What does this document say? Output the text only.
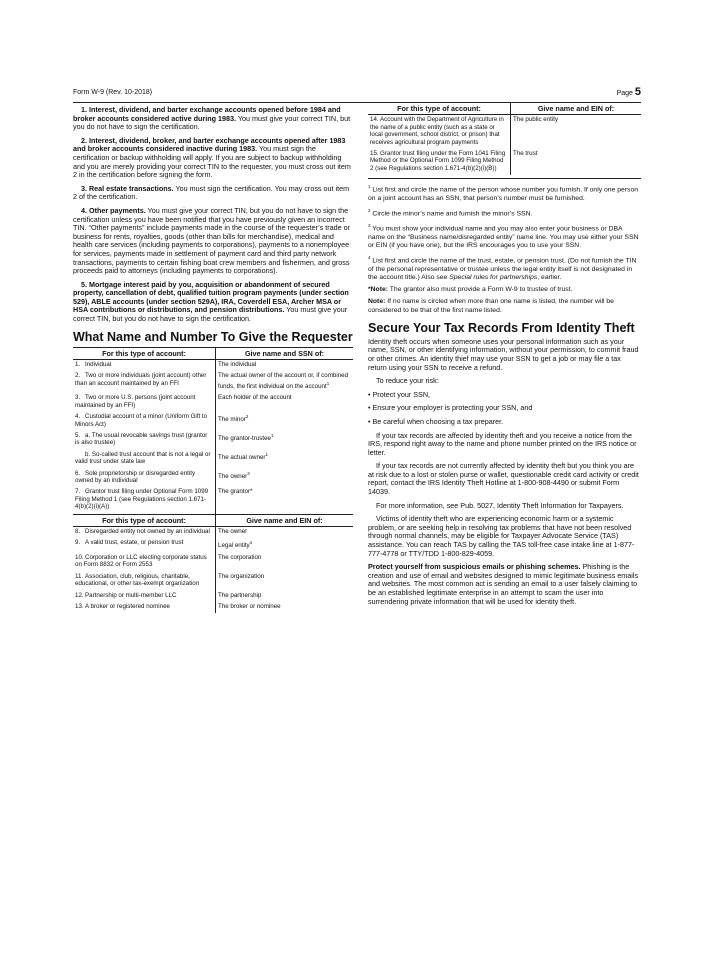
Form W-9 (Rev. 10-2018)	Page 5

1. Interest, dividend, and barter exchange accounts opened before 1984 and broker accounts considered active during 1983. You must give your correct TIN, but you do not have to sign the certification.

2. Interest, dividend, broker, and barter exchange accounts opened after 1983 and broker accounts considered inactive during 1983. You must sign the certification or backup withholding will apply. If you are subject to backup withholding and you are merely providing your correct TIN to the requester, you must cross out item 2 in the certification before signing the form.

3. Real estate transactions. You must sign the certification. You may cross out item 2 of the certification.

4. Other payments. You must give your correct TIN, but you do not have to sign the certification unless you have been notified that you have previously given an incorrect TIN. “Other payments” include payments made in the course of the requester’s trade or business for rents, royalties, goods (other than bills for merchandise), medical and health care services (including payments to corporations), payments to a nonemployee for services, payments made in settlement of payment card and third party network transactions, payments to certain fishing boat crew members and fishermen, and gross proceeds paid to attorneys (including payments to corporations).

5. Mortgage interest paid by you, acquisition or abandonment of secured property, cancellation of debt, qualified tuition program payments (under section 529), ABLE accounts (under section 529A), IRA, Coverdell ESA, Archer MSA or HSA contributions or distributions, and pension distributions. You must give your correct TIN, but you do not have to sign the certification.

What Name and Number To Give the Requester
For this type of account:	Give name and SSN of:
1. Individual	The individual
2. Two or more individuals (joint account) other than an account maintained by an FFI	The actual owner of the account or, if combined funds, the first individual on the account$^1$
3. Two or more U.S. persons (joint account maintained by an FFI)	Each holder of the account
4. Custodial account of a minor (Uniform Gift to Minors Act)	The minor$^2$
5. a. The usual revocable savings trust (grantor is also trustee)	The grantor-trustee$^1$
b. So-called trust account that is not a legal or valid trust under state law	The actual owner$^1$
6. Sole proprietorship or disregarded entity owned by an individual	The owner$^3$
7. Grantor trust filing under Optional Form 1099 Filing Method 1 (see Regulations section 1.671-4(b)(2)(i)(A))	The grantor*
For this type of account:	Give name and EIN of:
8. Disregarded entity not owned by an individual	The owner
9. A valid trust, estate, or pension trust	Legal entity$^4$
10.Corporation or LLC electing corporate status on Form 8832 or Form 2553	The corporation
11. Association, club, religious, charitable, educational, or other tax-exempt organization	The organization
12.Partnership or multi-member LLC	The partnership
13.A broker or registered nominee	The broker or nominee
For this type of account:	Give name and EIN of:
14.Account with the Department of Agriculture in the name of a public entity (such as a state or local government, school district, or prison) that receives agricultural program payments	The public entity
15.Grantor trust filing under the Form 1041 Filing Method or the Optional Form 1099 Filing Method 2 (see Regulations section 1.671-4(b)(2)(i)(B))	The trust

$^1$ List first and circle the name of the person whose number you furnish. If only one person on a joint account has an SSN, that person’s number must be furnished.

$^2$ Circle the minor’s name and furnish the minor’s SSN.

$^3$ You must show your individual name and you may also enter your business or DBA name on the “Business name/disregarded entity” name line. You may use either your SSN or EIN (if you have one), but the IRS encourages you to use your SSN.

$^4$ List first and circle the name of the trust, estate, or pension trust. (Do not furnish the TIN of the personal representative or trustee unless the legal entity itself is not designated in the account title.) Also see Special rules for partnerships, earlier.

*Note: The grantor also must provide a Form W-9 to trustee of trust.

Note: If no name is circled when more than one name is listed, the number will be considered to be that of the first name listed.

Secure Your Tax Records From Identity Theft

Identity theft occurs when someone uses your personal information such as your name, SSN, or other identifying information, without your permission, to commit fraud or other crimes. An identity thief may use your SSN to get a job or may file a tax return using your SSN to receive a refund.

To reduce your risk:

• Protect your SSN,
• Ensure your employer is protecting your SSN, and
• Be careful when choosing a tax preparer.

If your tax records are affected by identity theft and you receive a notice from the IRS, respond right away to the name and phone number printed on the IRS notice or letter.

If your tax records are not currently affected by identity theft but you think you are at risk due to a lost or stolen purse or wallet, questionable credit card activity or credit report, contact the IRS Identity Theft Hotline at 1-800-908-4490 or submit Form 14039.

For more information, see Pub. 5027, Identity Theft Information for Taxpayers.

Victims of identity theft who are experiencing economic harm or a systemic problem, or are seeking help in resolving tax problems that have not been resolved through normal channels, may be eligible for Taxpayer Advocate Service (TAS) assistance. You can reach TAS by calling the TAS toll-free case intake line at 1-877-777-4778 or TTY/TDD 1-800-829-4059.

Protect yourself from suspicious emails or phishing schemes. Phishing is the creation and use of email and websites designed to mimic legitimate business emails and websites. The most common act is sending an email to a user falsely claiming to be an established legitimate enterprise in an attempt to scam the user into surrendering private information that will be used for identity theft.
